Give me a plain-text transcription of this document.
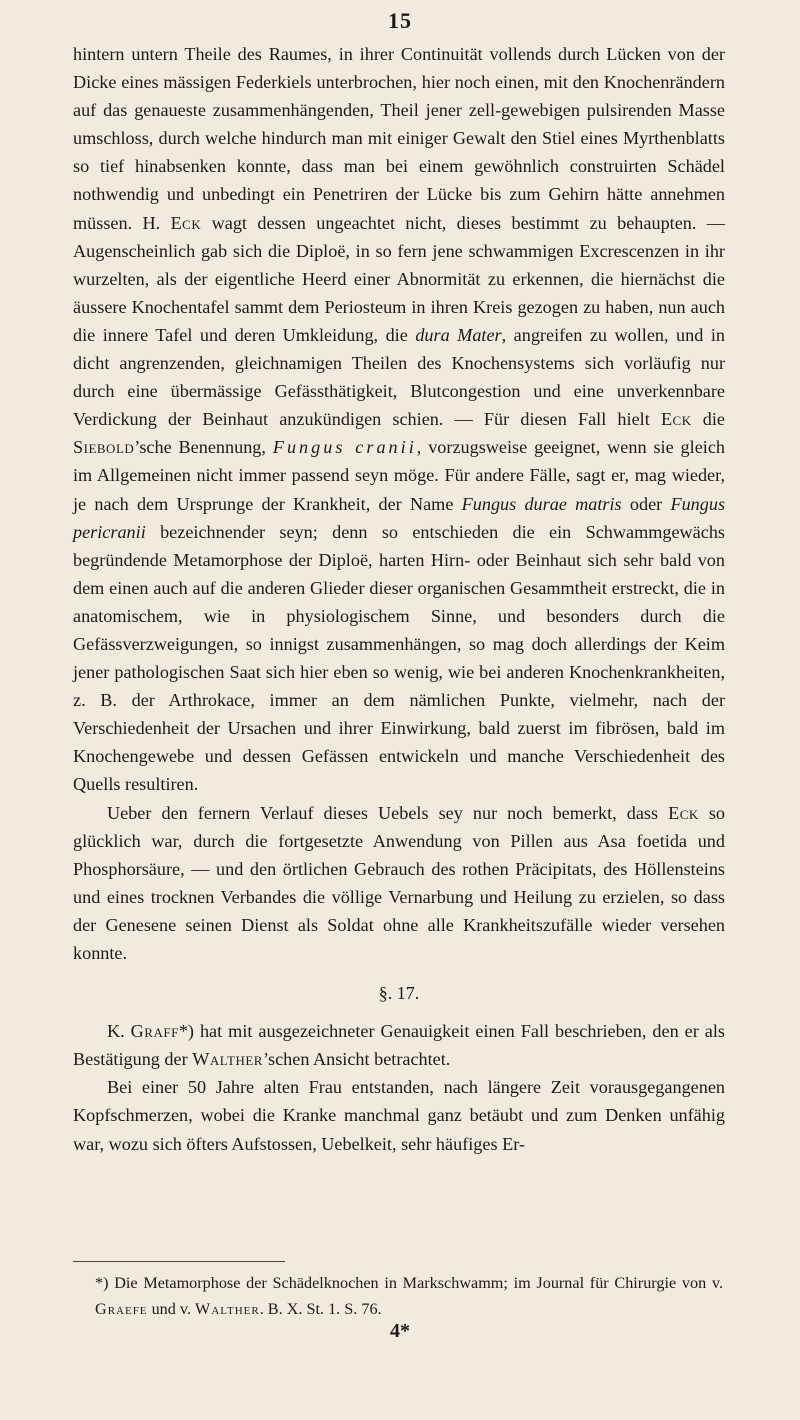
15

hintern untern Theile des Raumes, in ihrer Continuität vollends durch Lücken von der Dicke eines mässigen Federkiels unterbrochen, hier noch einen, mit den Knochenrändern auf das genaueste zusammenhängenden, Theil jener zell-gewebigen pulsirenden Masse umschloss, durch welche hindurch man mit einiger Gewalt den Stiel eines Myrthenblatts so tief hinabsenken konnte, dass man bei einem gewöhnlich construirten Schädel nothwendig und unbedingt ein Penetriren der Lücke bis zum Gehirn hätte annehmen müssen. H. Eck wagt dessen ungeachtet nicht, dieses bestimmt zu behaupten. — Augenscheinlich gab sich die Diploë, in so fern jene schwammigen Excrescenzen in ihr wurzelten, als der eigentliche Heerd einer Abnormität zu erkennen, die hiernächst die äussere Knochentafel sammt dem Periosteum in ihren Kreis gezogen zu haben, nun auch die innere Tafel und deren Umkleidung, die dura Mater, angreifen zu wollen, und in dicht angrenzenden, gleichnamigen Theilen des Knochensystems sich vorläufig nur durch eine übermässige Gefässthätigkeit, Blutcongestion und eine unverkennbare Verdickung der Beinhaut anzukündigen schien. — Für diesen Fall hielt Eck die Siebold’sche Benennung, Fungus cranii, vorzugsweise geeignet, wenn sie gleich im Allgemeinen nicht immer passend seyn möge. Für andere Fälle, sagt er, mag wieder, je nach dem Ursprunge der Krankheit, der Name Fungus durae matris oder Fungus pericranii bezeichnender seyn; denn so entschieden die ein Schwammgewächs begründende Metamorphose der Diploë, harten Hirn- oder Beinhaut sich sehr bald von dem einen auch auf die anderen Glieder dieser organischen Gesammtheit erstreckt, die in anatomischem, wie in physiologischem Sinne, und besonders durch die Gefässverzweigungen, so innigst zusammenhängen, so mag doch allerdings der Keim jener pathologischen Saat sich hier eben so wenig, wie bei anderen Knochenkrankheiten, z. B. der Arthrokace, immer an dem nämlichen Punkte, vielmehr, nach der Verschiedenheit der Ursachen und ihrer Einwirkung, bald zuerst im fibrösen, bald im Knochengewebe und dessen Gefässen entwickeln und manche Verschiedenheit des Quells resultiren.

Ueber den fernern Verlauf dieses Uebels sey nur noch bemerkt, dass Eck so glücklich war, durch die fortgesetzte Anwendung von Pillen aus Asa foetida und Phosphorsäure, — und den örtlichen Gebrauch des rothen Präcipitats, des Höllensteins und eines trocknen Verbandes die völlige Vernarbung und Heilung zu erzielen, so dass der Genesene seinen Dienst als Soldat ohne alle Krankheitszufälle wieder versehen konnte.

§. 17.

K. Graff*) hat mit ausgezeichneter Genauigkeit einen Fall beschrieben, den er als Bestätigung der Walther’schen Ansicht betrachtet.

Bei einer 50 Jahre alten Frau entstanden, nach längere Zeit vorausgegangenen Kopfschmerzen, wobei die Kranke manchmal ganz betäubt und zum Denken unfähig war, wozu sich öfters Aufstossen, Uebelkeit, sehr häufiges Er-

*) Die Metamorphose der Schädelknochen in Markschwamm; im Journal für Chirurgie von v. Graefe und v. Walther. B. X. St. 1. S. 76.
4*
